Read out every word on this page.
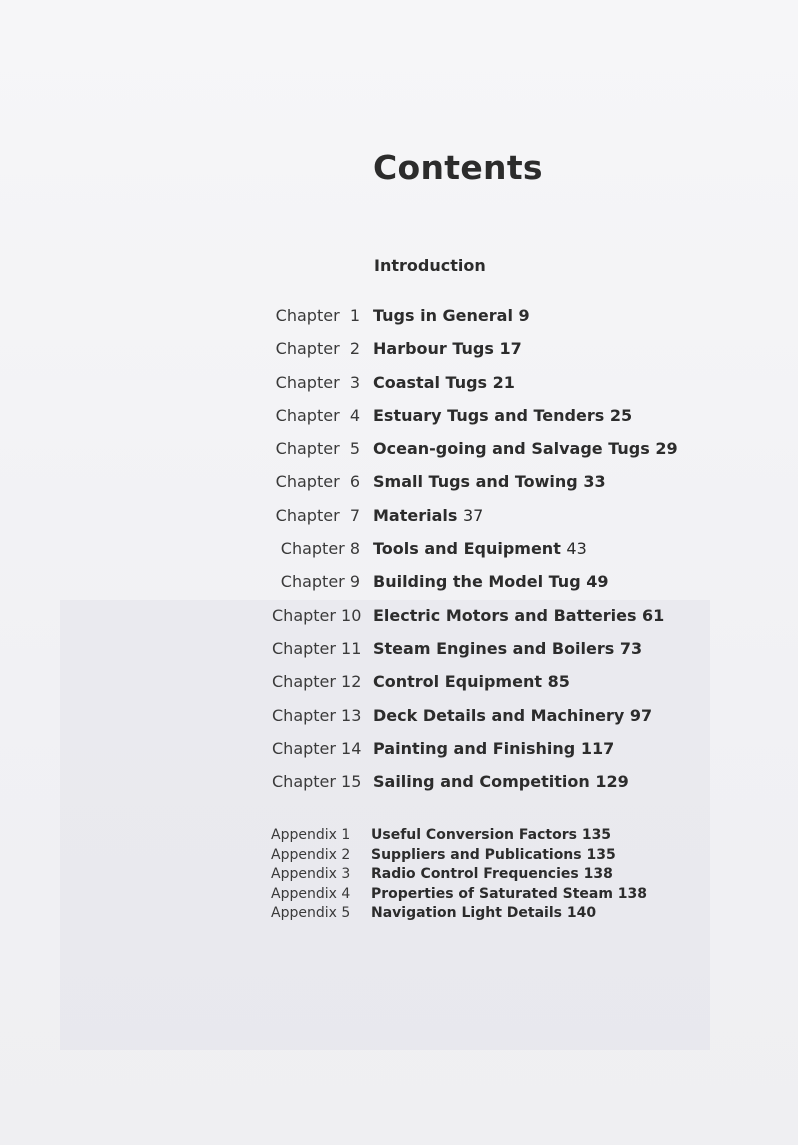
Contents
Introduction
Chapter  1 Tugs in General 9
Chapter  2 Harbour Tugs 17
Chapter  3 Coastal Tugs 21
Chapter  4 Estuary Tugs and Tenders 25
Chapter  5 Ocean-going and Salvage Tugs 29
Chapter  6 Small Tugs and Towing 33
Chapter  7 Materials 37
Chapter 8 Tools and Equipment 43
Chapter 9 Building the Model Tug 49
Chapter 10 Electric Motors and Batteries 61
Chapter 11 Steam Engines and Boilers 73
Chapter 12 Control Equipment 85
Chapter 13 Deck Details and Machinery 97
Chapter 14 Painting and Finishing 117
Chapter 15 Sailing and Competition 129
Appendix 1 Useful Conversion Factors 135
Appendix 2 Suppliers and Publications 135
Appendix 3 Radio Control Frequencies 138
Appendix 4 Properties of Saturated Steam 138
Appendix 5 Navigation Light Details 140
